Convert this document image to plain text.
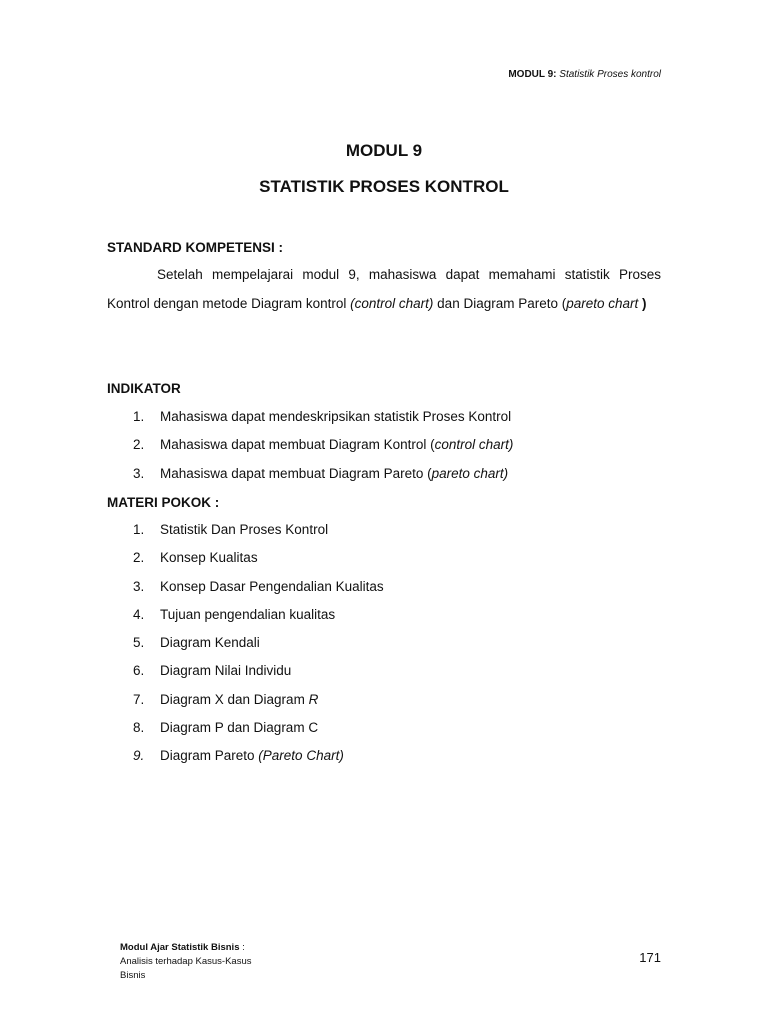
MODUL 9: Statistik Proses kontrol
MODUL 9
STATISTIK PROSES KONTROL
STANDARD KOMPETENSI :
Setelah mempelajarai modul 9, mahasiswa dapat memahami statistik Proses Kontrol dengan metode Diagram kontrol (control chart) dan Diagram Pareto (pareto chart )
INDIKATOR
1. Mahasiswa dapat mendeskripsikan statistik Proses Kontrol
2. Mahasiswa dapat membuat Diagram Kontrol (control chart)
3. Mahasiswa dapat membuat Diagram Pareto (pareto chart)
MATERI POKOK :
1. Statistik Dan Proses Kontrol
2. Konsep Kualitas
3. Konsep Dasar Pengendalian Kualitas
4. Tujuan pengendalian kualitas
5. Diagram Kendali
6. Diagram Nilai Individu
7. Diagram X dan Diagram R
8. Diagram P dan Diagram C
9. Diagram Pareto (Pareto Chart)
Modul Ajar Statistik Bisnis :
Analisis terhadap Kasus-Kasus
Bisnis
171
